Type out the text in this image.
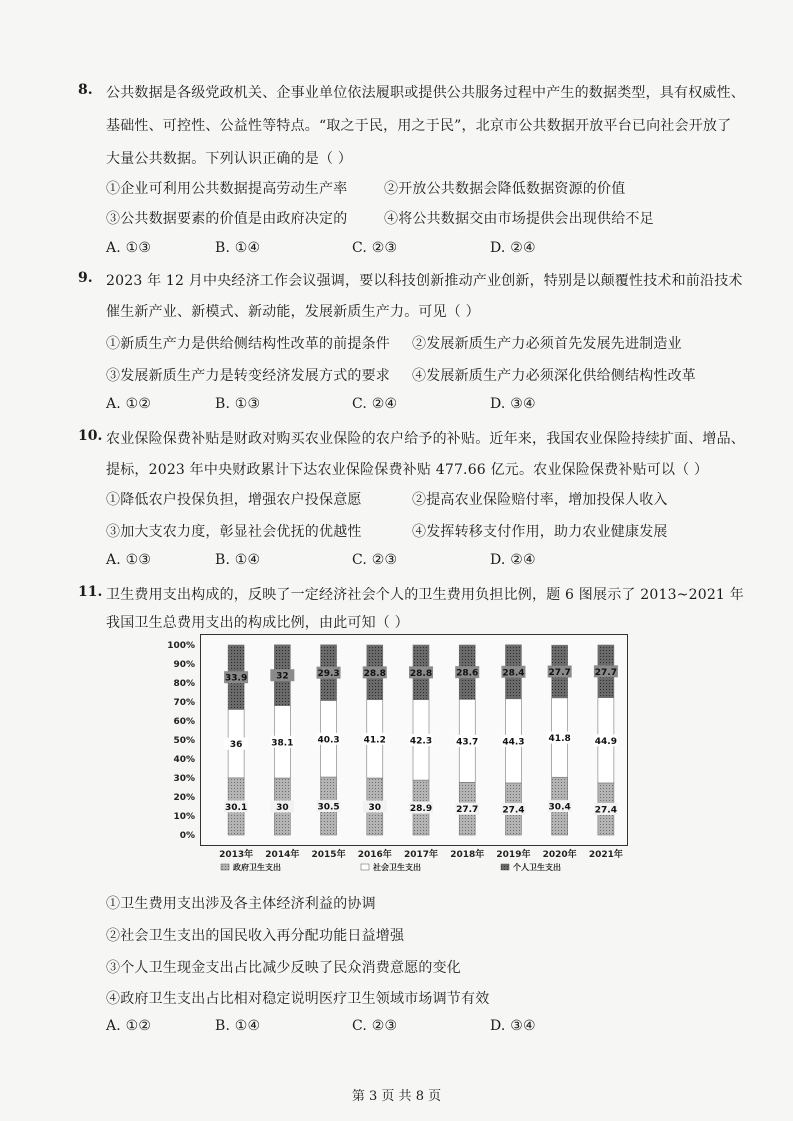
8. 公共数据是各级党政机关、企事业单位依法履职或提供公共服务过程中产生的数据类型，具有权威性、
基础性、可控性、公益性等特点。“取之于民，用之于民”，北京市公共数据开放平台已向社会开放了
大量公共数据。下列认识正确的是（ ）
①企业可利用公共数据提高劳动生产率	②开放公共数据会降低数据资源的价值
③公共数据要素的价值是由政府决定的	④将公共数据交由市场提供会出现供给不足
A. ①③	B. ①④	C. ②③	D. ②④
9. 2023 年 12 月中央经济工作会议强调，要以科技创新推动产业创新，特别是以颠覆性技术和前沿技术
催生新产业、新模式、新动能，发展新质生产力。可见（ ）
①新质生产力是供给侧结构性改革的前提条件 ②发展新质生产力必须首先发展先进制造业
③发展新质生产力是转变经济发展方式的要求 ④发展新质生产力必须深化供给侧结构性改革
A. ①②	B. ①③	C. ②④	D. ③④
10. 农业保险保费补贴是财政对购买农业保险的农户给予的补贴。近年来，我国农业保险持续扩面、增品、
提标，2023 年中央财政累计下达农业保险保费补贴 477.66 亿元。农业保险保费补贴可以（ ）
①降低农户投保负担，增强农户投保意愿	②提高农业保险赔付率，增加投保人收入
③加大支农力度，彰显社会优抚的优越性	④发挥转移支付作用，助力农业健康发展
A. ①③	B. ①④	C. ②③	D. ②④
11. 卫生费用支出构成的，反映了一定经济社会个人的卫生费用负担比例，题 6 图展示了 2013~2021 年
我国卫生总费用支出的构成比例，由此可知（ ）
0%
10%
20%
30%
40%
50%
60%
70%
80%
90%
100%
30.1
36
33.9
30
38.1
32
30.5
40.3
29.3
30
41.2
28.8
28.9
42.3
28.8
27.7
43.7
28.6
27.4
44.3
28.4
30.4
41.8
27.7
27.4
44.9
27.7
2013年 2014年 2015年 2016年 2017年 2018年 2019年 2020年 2021年
政府卫生支出	社会卫生支出	个人卫生支出
①卫生费用支出涉及各主体经济利益的协调
②社会卫生支出的国民收入再分配功能日益增强
③个人卫生现金支出占比减少反映了民众消费意愿的变化
④政府卫生支出占比相对稳定说明医疗卫生领域市场调节有效
A. ①②	B. ①④	C. ②③	D. ③④
第 3 页 共 8 页
